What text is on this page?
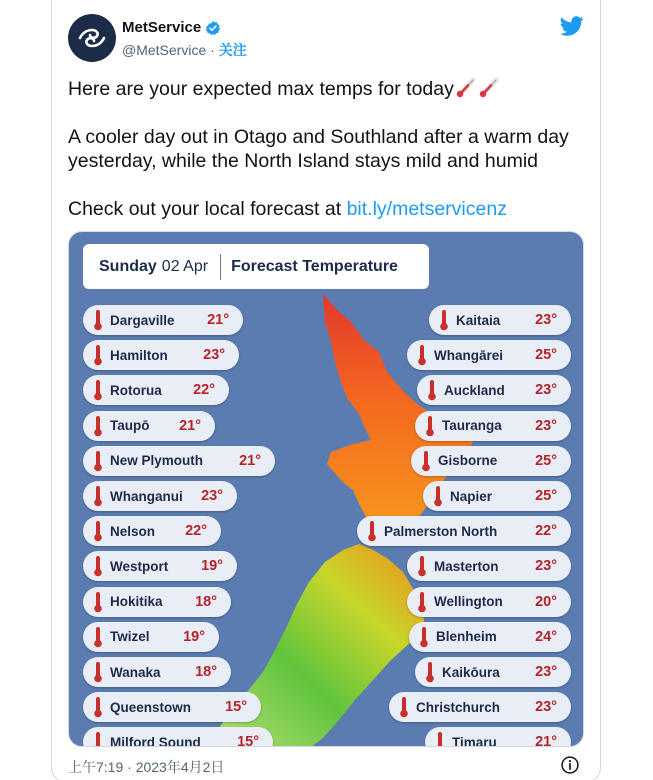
MetService
@MetService · 关注

Here are your expected max temps for today

A cooler day out in Otago and Southland after a warm day yesterday, while the North Island stays mild and humid

Check out your local forecast at bit.ly/metservicenz

Sunday 02 Apr Forecast Temperature
Dargaville 21°
Hamilton 23°
Rotorua 22°
Taupō 21°
New Plymouth 21°
Whanganui 23°
Nelson 22°
Westport 19°
Hokitika 18°
Twizel 19°
Wanaka 18°
Queenstown 15°
Milford Sound	15°
Kaitaia 23°
Whangārei 25°
Auckland 23°
Tauranga 23°
Gisborne	25°
Napier	25°
Palmerston North	22°
Masterton	23°
Wellington 20°
Blenheim	24°
Kaikōura 23°
Christchurch 23°
Timaru	21°
上午7:19 · 2023年4月2日
